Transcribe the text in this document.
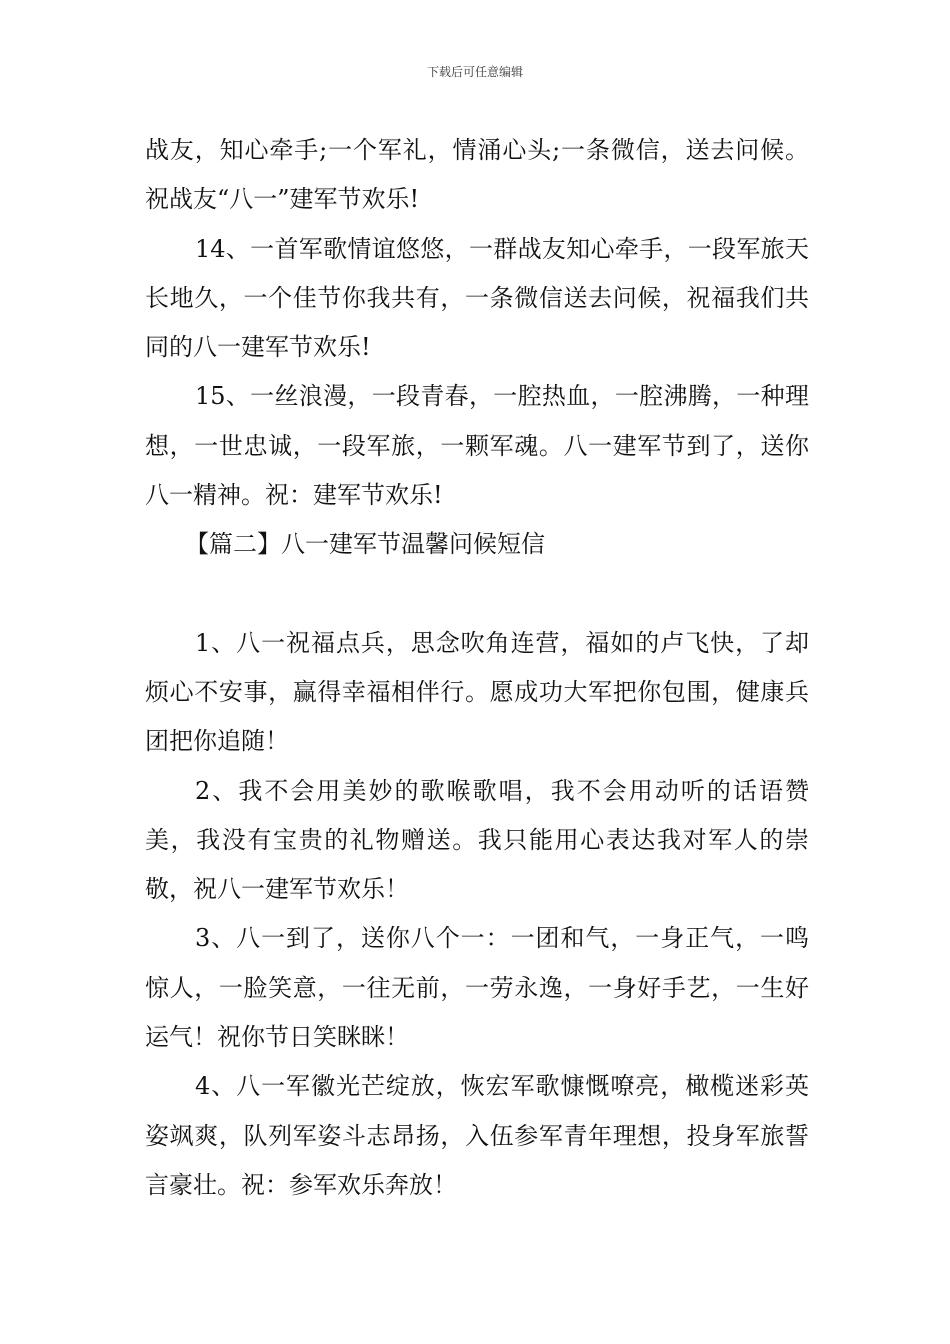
下载后可任意编辑

战友，知心牵手;一个军礼，情涌心头;一条微信，送去问候。祝战友“八一”建军节欢乐!

14、一首军歌情谊悠悠，一群战友知心牵手，一段军旅天长地久，一个佳节你我共有，一条微信送去问候，祝福我们共同的八一建军节欢乐!

15、一丝浪漫，一段青春，一腔热血，一腔沸腾，一种理想，一世忠诚，一段军旅，一颗军魂。八一建军节到了，送你八一精神。祝：建军节欢乐!

【篇二】八一建军节温馨问候短信

1、八一祝福点兵，思念吹角连营，福如的卢飞快，了却烦心不安事，赢得幸福相伴行。愿成功大军把你包围，健康兵团把你追随！

2、我不会用美妙的歌喉歌唱，我不会用动听的话语赞美，我没有宝贵的礼物赠送。我只能用心表达我对军人的崇敬，祝八一建军节欢乐！

3、八一到了，送你八个一：一团和气，一身正气，一鸣惊人，一脸笑意，一往无前，一劳永逸，一身好手艺，一生好运气！祝你节日笑眯眯！

4、八一军徽光芒绽放，恢宏军歌慷慨嘹亮，橄榄迷彩英姿飒爽，队列军姿斗志昂扬，入伍参军青年理想，投身军旅誓言豪壮。祝：参军欢乐奔放！
